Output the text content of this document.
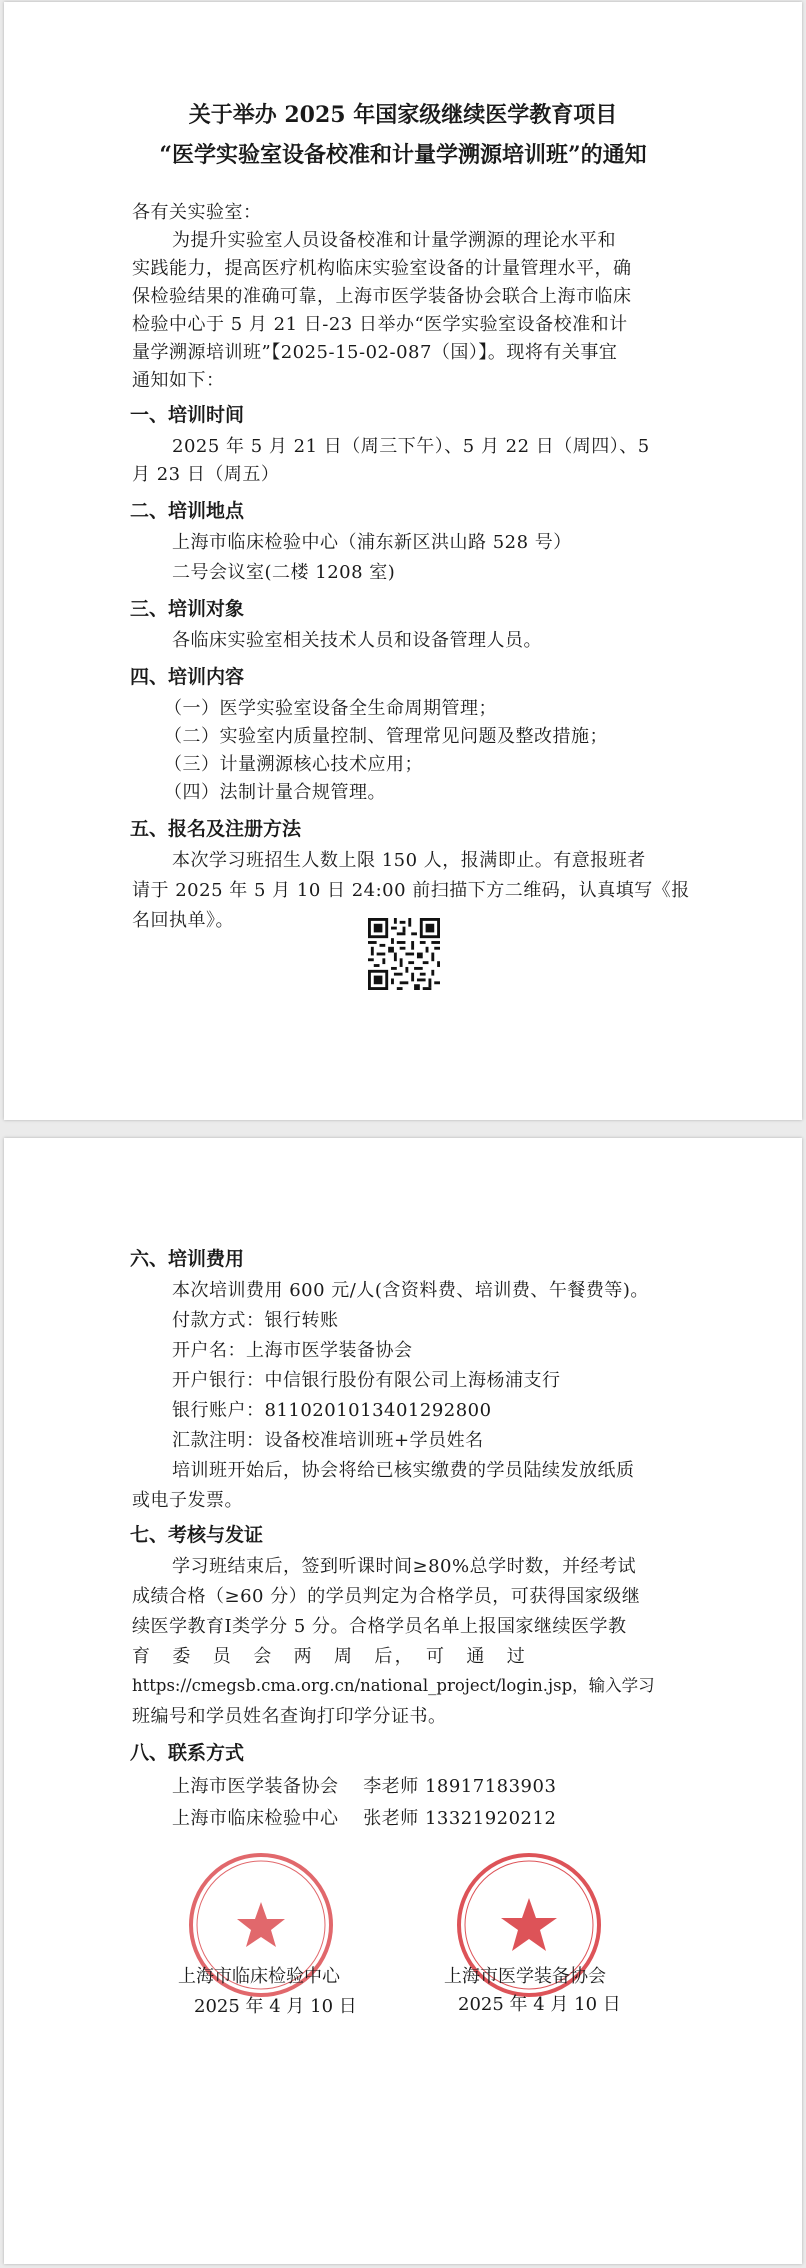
关于举办 2025 年国家级继续医学教育项目
“医学实验室设备校准和计量学溯源培训班”的通知
各有关实验室：
为提升实验室人员设备校准和计量学溯源的理论水平和
实践能力，提高医疗机构临床实验室设备的计量管理水平，确
保检验结果的准确可靠，上海市医学装备协会联合上海市临床
检验中心于 5 月 21 日-23 日举办“医学实验室设备校准和计
量学溯源培训班”【2025-15-02-087（国）】。现将有关事宜
通知如下：
一、培训时间
2025 年 5 月 21 日（周三下午）、5 月 22 日（周四）、5
月 23 日（周五）
二、培训地点
上海市临床检验中心（浦东新区洪山路 528 号）
二号会议室(二楼 1208 室)
三、培训对象
各临床实验室相关技术人员和设备管理人员。
四、培训内容
（一）医学实验室设备全生命周期管理；
（二）实验室内质量控制、管理常见问题及整改措施；
（三）计量溯源核心技术应用；
（四）法制计量合规管理。
五、报名及注册方法
本次学习班招生人数上限 150 人，报满即止。有意报班者
请于 2025 年 5 月 10 日 24:00 前扫描下方二维码，认真填写《报
名回执单》。
六、培训费用
本次培训费用 600 元/人(含资料费、培训费、午餐费等)。
付款方式：银行转账
开户名：上海市医学装备协会
开户银行：中信银行股份有限公司上海杨浦支行
银行账户：8110201013401292800
汇款注明：设备校准培训班+学员姓名
培训班开始后，协会将给已核实缴费的学员陆续发放纸质
或电子发票。
七、考核与发证
学习班结束后，签到听课时间≥80%总学时数，并经考试
成绩合格（≥60 分）的学员判定为合格学员，可获得国家级继
续医学教育Ⅰ类学分 5 分。合格学员名单上报国家继续医学教
育　委　员　会　两　周　后，　可　通　过
https://cmegsb.cma.org.cn/national_project/login.jsp，输入学习
班编号和学员姓名查询打印学分证书。
八、联系方式
上海市医学装备协会　 李老师 18917183903
上海市临床检验中心　 张老师 13321920212
上海市临床检验中心
2025 年 4 月 10 日
上海市医学装备协会
2025 年 4 月 10 日
